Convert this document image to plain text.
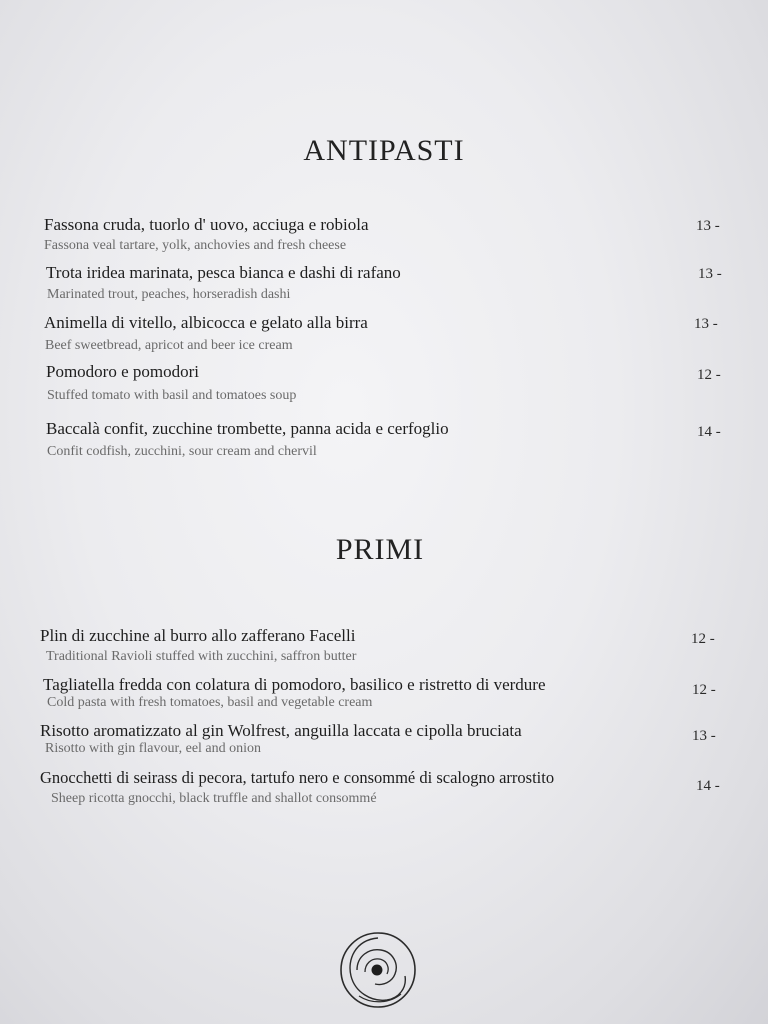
ANTIPASTI
Fassona cruda, tuorlo d' uovo, acciuga e robiola
Fassona veal tartare, yolk, anchovies and fresh cheese
13 -
Trota iridea marinata, pesca bianca e dashi di rafano
Marinated trout, peaches, horseradish dashi
13 -
Animella di vitello, albicocca e gelato alla birra
Beef sweetbread, apricot and beer ice cream
13 -
Pomodoro e pomodori
Stuffed tomato with basil and tomatoes soup
12 -
Baccalà confit, zucchine trombette, panna acida e cerfoglio
Confit codfish, zucchini, sour cream and chervil
14 -
PRIMI
Plin di zucchine al burro allo zafferano Facelli
Traditional Ravioli stuffed with zucchini, saffron butter
12 -
Tagliatella fredda con colatura di pomodoro, basilico e ristretto di verdure
Cold pasta with fresh tomatoes, basil and vegetable cream
12 -
Risotto aromatizzato al gin Wolfrest, anguilla laccata e cipolla bruciata
Risotto with gin flavour, eel and onion
13 -
Gnocchetti di seirass di pecora, tartufo nero e consommé di scalogno arrostito
Sheep ricotta gnocchi, black truffle and shallot consommé
14 -
